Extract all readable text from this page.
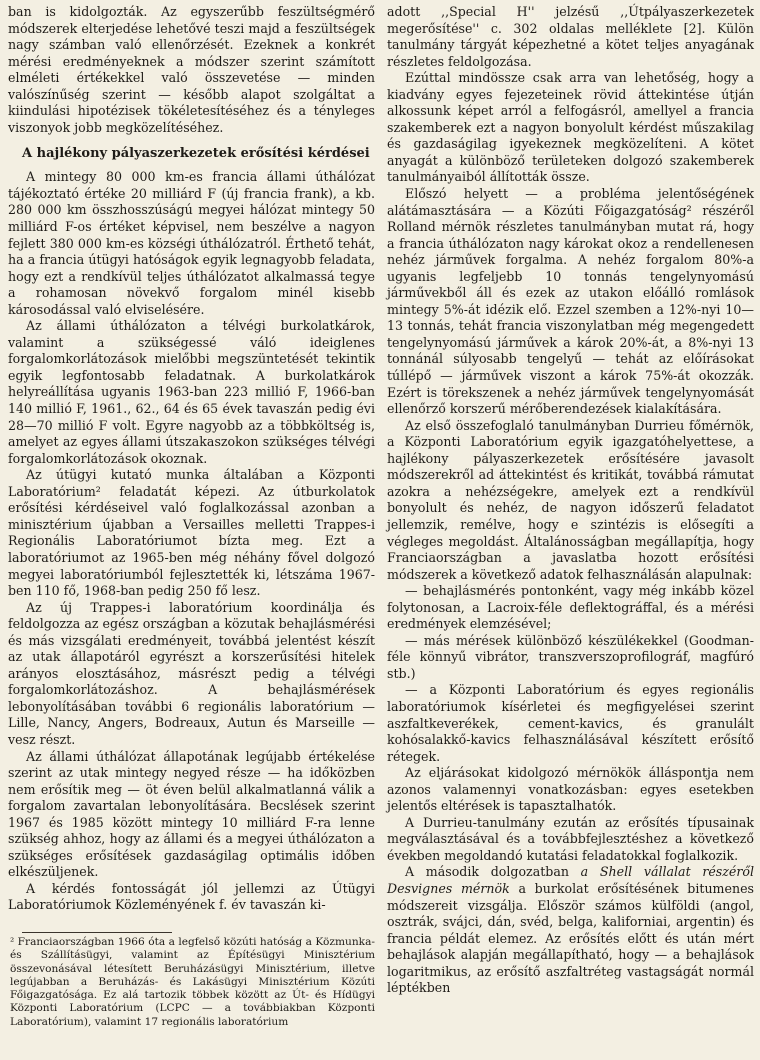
ban is kidolgozták. Az egyszerűbb feszültségmérő módszerek elterjedése lehetővé teszi majd a feszültségek nagy számban való ellenőrzését. Ezeknek a konkrét mérési eredményeknek a módszer szerint számított elméleti értékekkel való összevetése — minden valószínűség szerint — később alapot szolgáltat a kiindulási hipotézisek tökéletesítéséhez és a tényleges viszonyok jobb megközelítéséhez.

A hajlékony pályaszerkezetek erősítési kérdései

A mintegy 80 000 km-es francia állami úthálózat tájékoztató értéke 20 milliárd F (új francia frank), a kb. 280 000 km összhosszúságú megyei hálózat mintegy 50 milliárd F-os értéket képvisel, nem beszélve a nagyon fejlett 380 000 km-es községi úthálózatról. Érthető tehát, ha a francia útügyi hatóságok egyik legnagyobb feladata, hogy ezt a rendkívül teljes úthálózatot alkalmassá tegye a rohamosan növekvő forgalom minél kisebb károsodással való elviselésére.

Az állami úthálózaton a télvégi burkolatkárok, valamint a szükségessé váló ideiglenes forgalomkorlátozások mielőbbi megszüntetését tekintik egyik legfontosabb feladatnak. A burkolatkárok helyreállítása ugyanis 1963-ban 223 millió F, 1966-ban 140 millió F, 1961., 62., 64 és 65 évek tavaszán pedig évi 28—70 millió F volt. Egyre nagyobb az a többköltség is, amelyet az egyes állami útszakaszokon szükséges télvégi forgalomkorlátozások okoznak.

Az útügyi kutató munka általában a Központi Laboratórium² feladatát képezi. Az útburkolatok erősítési kérdéseivel való foglalkozással azonban a minisztérium újabban a Versailles melletti Trappes-i Regionális Laboratóriumot bízta meg. Ezt a laboratóriumot az 1965-ben még néhány fővel dolgozó megyei laboratóriumból fejlesztették ki, létszáma 1967-ben 110 fő, 1968-ban pedig 250 fő lesz.

Az új Trappes-i laboratórium koordinálja és feldolgozza az egész országban a közutak behajlásmérési és más vizsgálati eredményeit, továbbá jelentést készít az utak állapotáról egyrészt a korszerűsítési hitelek arányos elosztásához, másrészt pedig a télvégi forgalomkorlátozáshoz. A behajlásmérések lebonyolításában további 6 regionális laboratórium — Lille, Nancy, Angers, Bodreaux, Autun és Marseille — vesz részt.

Az állami úthálózat állapotának legújabb értékelése szerint az utak mintegy negyed része — ha időközben nem erősítik meg — öt éven belül alkalmatlanná válik a forgalom zavartalan lebonyolítására. Becslések szerint 1967 és 1985 között mintegy 10 milliárd F-ra lenne szükség ahhoz, hogy az állami és a megyei úthálózaton a szükséges erősítések gazdaságilag optimális időben elkészüljenek.

A kérdés fontosságát jól jellemzi az Útügyi Laboratóriumok Közleményének f. év tavaszán ki-

² Franciaországban 1966 óta a legfelső közúti hatóság a Közmunka- és Szállításügyi, valamint az Építésügyi Minisztérium összevonásával létesített Beruházásügyi Minisztérium, illetve legújabban a Beruházás- és Lakásügyi Minisztérium Közúti Főigazgatósága. Ez alá tartozik többek között az Út- és Hídügyi Központi Laboratórium (LCPC — a továbbiakban Központi Laboratórium), valamint 17 regionális laboratórium

adott ,,Special H'' jelzésű ,,Útpályaszerkezetek megerősítése'' c. 302 oldalas melléklete [2]. Külön tanulmány tárgyát képezhetné a kötet teljes anyagának részletes feldolgozása.

Ezúttal mindössze csak arra van lehetőség, hogy a kiadvány egyes fejezeteinek rövid áttekintése útján alkossunk képet arról a felfogásról, amellyel a francia szakemberek ezt a nagyon bonyolult kérdést műszakilag és gazdaságilag igyekeznek megközelíteni. A kötet anyagát a különböző területeken dolgozó szakemberek tanulmányaiból állították össze.

Előszó helyett — a probléma jelentőségének alátámasztására — a Közúti Főigazgatóság² részéről Rolland mérnök részletes tanulmányban mutat rá, hogy a francia úthálózaton nagy károkat okoz a rendellenesen nehéz járművek forgalma. A nehéz forgalom 80%-a ugyanis legfeljebb 10 tonnás tengelynyomású járművekből áll és ezek az utakon előálló romlások mintegy 5%-át idézik elő. Ezzel szemben a 12%-nyi 10—13 tonnás, tehát francia viszonylatban még megengedett tengelynyomású járművek a károk 20%-át, a 8%-nyi 13 tonnánál súlyosabb tengelyű — tehát az előírásokat túllépő — járművek viszont a károk 75%-át okozzák. Ezért is törekszenek a nehéz járművek tengelynyomását ellenőrző korszerű mérőberendezések kialakítására.

Az első összefoglaló tanulmányban Durrieu főmérnök, a Központi Laboratórium egyik igazgatóhelyettese, a hajlékony pályaszerkezetek erősítésére javasolt módszerekről ad áttekintést és kritikát, továbbá rámutat azokra a nehézségekre, amelyek ezt a rendkívül bonyolult és nehéz, de nagyon időszerű feladatot jellemzik, remélve, hogy e szintézis is elősegíti a végleges megoldást. Általánosságban megállapítja, hogy Franciaországban a javaslatba hozott erősítési módszerek a következő adatok felhasználásán alapulnak:

— behajlásmérés pontonként, vagy még inkább közel folytonosan, a Lacroix-féle deflektográffal, és a mérési eredmények elemzésével;

— más mérések különböző készülékekkel (Goodman-féle könnyű vibrátor, transzverszoprofilográf, magfúró stb.)

— a Központi Laboratórium és egyes regionális laboratóriumok kísérletei és megfigyelései szerint aszfaltkeverékek, cement-kavics, és granulált kohósalakkő-kavics felhasználásával készített erősítő rétegek.

Az eljárásokat kidolgozó mérnökök álláspontja nem azonos valamennyi vonatkozásban: egyes esetekben jelentős eltérések is tapasztalhatók.

A Durrieu-tanulmány ezután az erősítés típusainak megválasztásával és a továbbfejlesztéshez a következő években megoldandó kutatási feladatokkal foglalkozik.

A második dolgozatban a Shell vállalat részéről Desvignes mérnök a burkolat erősítésének bitumenes módszereit vizsgálja. Először számos külföldi (angol, osztrák, svájci, dán, svéd, belga, kaliforniai, argentin) és francia példát elemez. Az erősítés előtt és után mért behajlások alapján megállapítható, hogy — a behajlások logaritmikus, az erősítő aszfaltréteg vastagságát normál léptékben
